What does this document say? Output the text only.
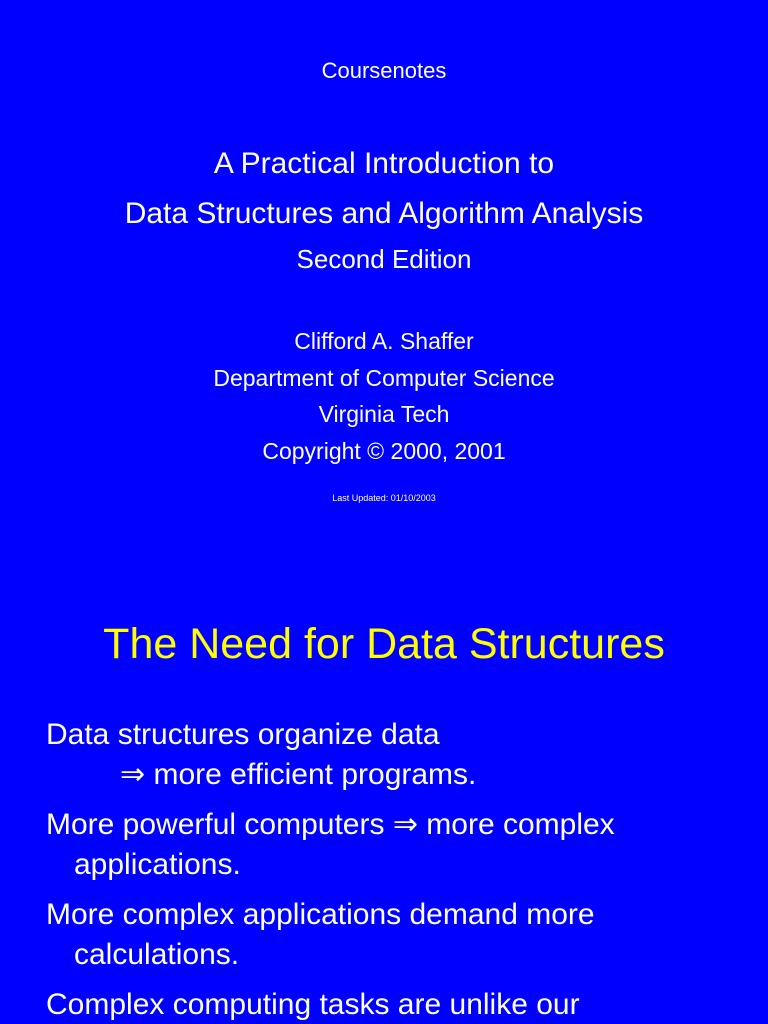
Coursenotes
A Practical Introduction to
Data Structures and Algorithm Analysis
Second Edition
Clifford A. Shaffer
Department of Computer Science
Virginia Tech
Copyright © 2000, 2001
Last Updated: 01/10/2003
The Need for Data Structures
Data structures organize data
⇒ more efficient programs.
More powerful computers ⇒ more complex
applications.
More complex applications demand more
calculations.
Complex computing tasks are unlike our
